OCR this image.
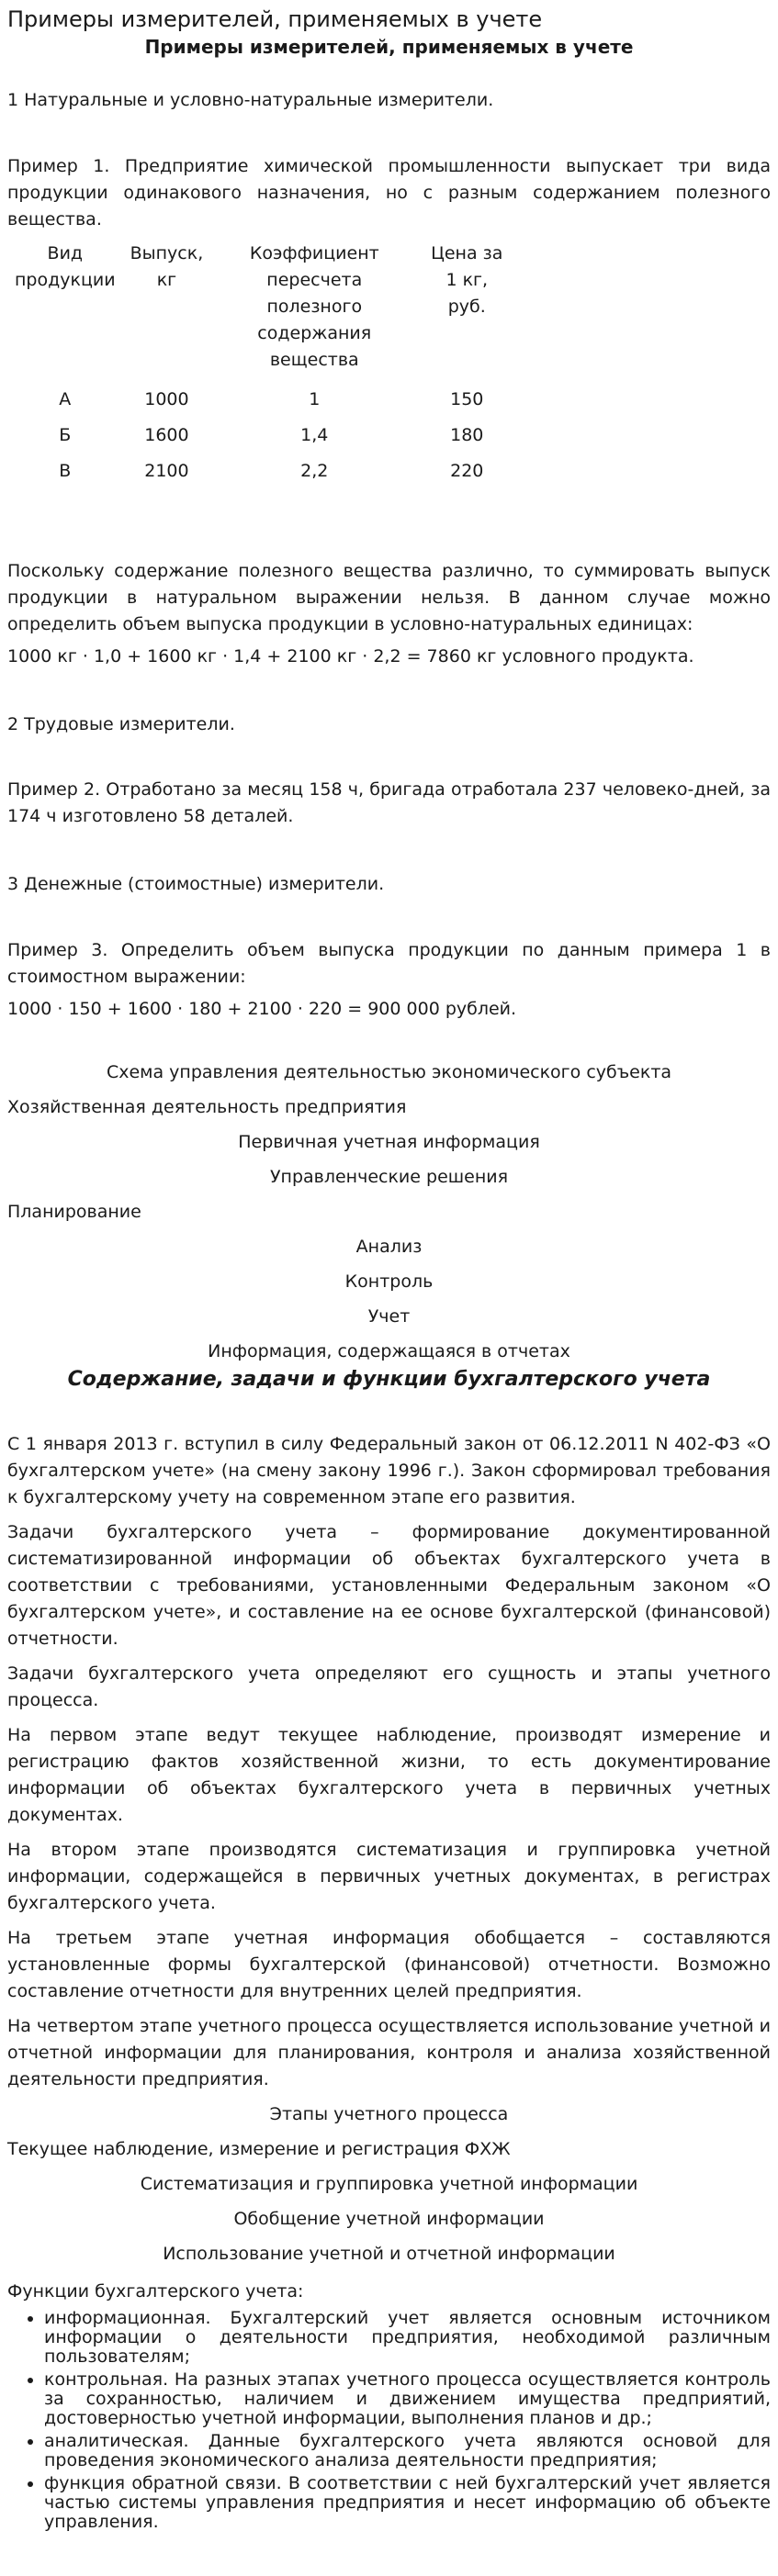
Примеры измерителей, применяемых в учете

Примеры измерителей, применяемых в учете

1 Натуральные и условно-натуральные измерители.

Пример 1. Предприятие химической промышленности выпускает три вида продукции одинакового назначения, но с разным содержанием полезного вещества.

Вид продукции	Выпуск, кг	Коэффициент пересчета полезного содержания вещества	Цена за 1 кг, руб.
А	1000	1	150
Б	1600	1,4	180
В	2100	2,2	220

Поскольку содержание полезного вещества различно, то суммировать выпуск продукции в натуральном выражении нельзя. В данном случае можно определить объем выпуска продукции в условно-натуральных единицах:

1000 кг · 1,0 + 1600 кг · 1,4 + 2100 кг · 2,2 = 7860 кг условного продукта.

2 Трудовые измерители.

Пример 2. Отработано за месяц 158 ч, бригада отработала 237 человеко-дней, за 174 ч изготовлено 58 деталей.

3 Денежные (стоимостные) измерители.

Пример 3. Определить объем выпуска продукции по данным примера 1 в стоимостном выражении:

1000 · 150 + 1600 · 180 + 2100 · 220 = 900 000 рублей.

Схема управления деятельностью экономического субъекта

Хозяйственная деятельность предприятия

Первичная учетная информация

Управленческие решения

Планирование

Анализ

Контроль

Учет

Информация, содержащаяся в отчетах

Содержание, задачи и функции бухгалтерского учета

С 1 января 2013 г. вступил в силу Федеральный закон от 06.12.2011 N 402-ФЗ «О бухгалтерском учете» (на смену закону 1996 г.). Закон сформировал требования к бухгалтерскому учету на современном этапе его развития.

Задачи бухгалтерского учета – формирование документированной систематизированной информации об объектах бухгалтерского учета в соответствии с требованиями, установленными Федеральным законом «О бухгалтерском учете», и составление на ее основе бухгалтерской (финансовой) отчетности.

Задачи бухгалтерского учета определяют его сущность и этапы учетного процесса.

На первом этапе ведут текущее наблюдение, производят измерение и регистрацию фактов хозяйственной жизни, то есть документирование информации об объектах бухгалтерского учета в первичных учетных документах.

На втором этапе производятся систематизация и группировка учетной информации, содержащейся в первичных учетных документах, в регистрах бухгалтерского учета.

На третьем этапе учетная информация обобщается – составляются установленные формы бухгалтерской (финансовой) отчетности. Возможно составление отчетности для внутренних целей предприятия.

На четвертом этапе учетного процесса осуществляется использование учетной и отчетной информации для планирования, контроля и анализа хозяйственной деятельности предприятия.

Этапы учетного процесса

Текущее наблюдение, измерение и регистрация ФХЖ

Систематизация и группировка учетной информации

Обобщение учетной информации

Использование учетной и отчетной информации

Функции бухгалтерского учета:

• информационная. Бухгалтерский учет является основным источником информации о деятельности предприятия, необходимой различным пользователям;
• контрольная. На разных этапах учетного процесса осуществляется контроль за сохранностью, наличием и движением имущества предприятий, достоверностью учетной информации, выполнения планов и др.;
• аналитическая. Данные бухгалтерского учета являются основой для проведения экономического анализа деятельности предприятия;
• функция обратной связи. В соответствии с ней бухгалтерский учет является частью системы управления предприятия и несет информацию об объекте управления.
